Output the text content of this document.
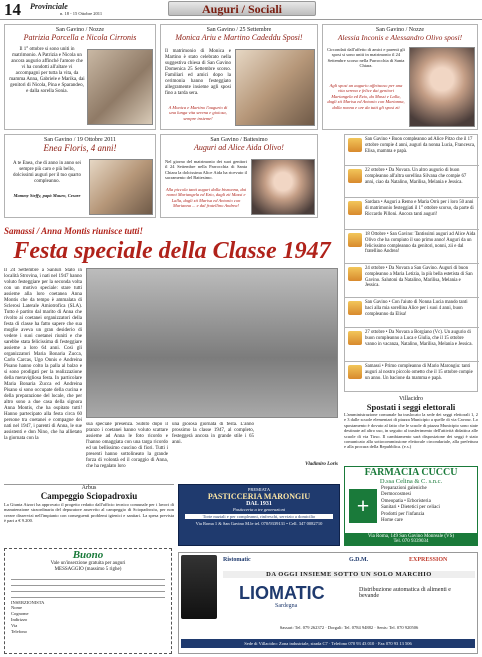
14 Provinciale
n. 18 - 15 Ottobre 2011	Auguri / Sociali
San Gavino / Nozze
Patrizia Porcella e Nicola Cirronis
Il 1° ottobre si sono uniti in matrimonio. A Patrizia e Nicola un ancora augurio affinché l'amore che vi ha condotti all'altare vi accompagni per tutta la vita, da mamma Anna, Gabriele e Marika, dai genitori di Nicola, Pina e Sparandeo, e dalla sorella Sonia.
San Gavino / 25 Settembre
Monica Ariu e Martino Cadeddu Sposi!
Il matrimonio di Monica e Martino è stato celebrato nella suggestiva chiesa di San Gavino Domenica 25 Settembre scorso. Familiari ed amici dopo la cerimonia hanno festeggiato allegramente insieme agli sposi fino a tarda sera.
A Monica e Martino l'augurio di una lunga vita serena e gioiosa, sempre insieme!
San Gavino / Nozze
Alessia Inconis e Alessandro Olivo sposi!
Circondati dall'affetto di amici e parenti gli sposi si sono uniti in matrimonio il 24 Settembre scorso nella Parrocchia di Santa Chiara.
Agli sposi un augurio affettuoso per una vita serena e felice dai genitori Mariangela ed Ezio, da Massi e Lalla, dagli zii Marisa ed Antonio con Marianna, dalla nonna e ore da tutti gli sposi zii
San Gavino / 19 Ottobre 2011
Enea Floris, 4 anni!
A te Enea, che di anno in anno sei sempre più caro e più bello, dolcissimi auguri per il tuo quarto compleanno.
Mammy Steffy, papà Mauro, Cesare
San Gavino / Battesimo
Auguri ad Alice Aida Olivo!
Nel giorno del matrimonio dei suoi genitori il 24 Settembre nella Parrocchia di Santa Chiara la dolcissima Alice Aida ha ricevuto il sacramento del Battesimo.
Alla piccola tanti auguri dalla bisnonna, dai nonni Mariangela ed Ezio, dagli zii Massi e Lalla, dagli zii Marisa ed Antonio con Marianna ... e dal fratellino Andrea!
San Gavino • Buon compleanno ad Alice Pitzo che il 17 ottobre compie 4 anni, auguri da nonna Lucia, Francesca, Elisa, mamma e papà.
22 ottobre • Da Novara. Un altro augurio di buon compleanno all'altra sorellina Silvana che compie 67 anni, ciao da Natalino, Marilisa, Melania e Jessica.
Sardara • Auguri a Remo e Maria Orrù per i loro 50 anni di matrimonio festeggiati il 1° ottobre scorso, da parte di Riccardo Pilloni. Ancora tanti auguri!
18 Ottobre • San Gavino: Tantissimi auguri ad Alice Aida Olivo che ha compiuto il suo primo anno! Auguri da un felicissimo compleanno da genitori, nonni, zii e dal fratellino Andrea!
24 ottobre • Da Novara a San Gavino. Auguri di buon compleanno a Maria Letizia, la più bella estetista di San Gavino. Salutoni da Natalino, Marilisa, Melania e Jessica.
San Gavino • Con l'aiuto di Nonna Lucia mando tanti baci alla mia sorellina Alice per i suoi 4 anni, buon compleanno da Elisa!
27 ottobre • Da Novara a Borgiano (Vc). Un augurio di buon compleanno a Luca e Giulia, che il 15 ottobre vanno in vacanza, Natalino, Marilisa, Melania e Jessica.
Samassi • Primo compleanno di Mario Marongiu: tanti auguri al nostro piccolo ometto che il 15 ottobre compie un anno. Un bacione da mamma e papà.
Samassi / Anna Montis riunisce tutti!
Festa speciale della Classe 1947
Il 24 Settembre a Sanluri Stato in località Strovina, i nati nel 1947 hanno voluto festeggiare per la seconda volta con un motivo speciale: stare tutti assieme alla loro coetanea Anna Montis che da tempo è ammalata di Sclerosi Laterale Amiotrofica (SLA). Tutto è partito dal marito di Anna che rivolto ai coetanei organizzatori della festa di classe ha fatto sapere che sua moglie aveva un gran desiderio di vedere i suoi coetanei riuniti e che sarebbe stata felicissima di festeggiare assieme a loro 64 anni. Così gli organizzatori Maria Bonaria Zucca, Carlo Carcas, Ugo Onnis e Andreina Pisano hanno colto la palla al balzo e si sono prodigati per la realizzazione della meravigliosa festa. In particolare Maria Bonaria Zucca ed Andreina Pisano si sono occupate della cucina e della preparazione del locale, che per altro sono a due casa della signora Anna Montis, che ha ospitato tutti! Hanno partecipato alla festa circa 60 persone tra coetanei e compagne dei nati nel 1947, i parenti di Anna, le sue assistenti e don Nino, che ha allietato la giornata con la
sua speciale presenza. Subito dopo il pranzo i coetanei hanno voluto scattare assieme ad Anna le foto ricordo e l'hanno omaggiata con una targa ricordo ed un bellissimo cuscino di fiori. Tutti i presenti hanno sottolineato la grande forza di volontà ed il coraggio di Anna, che ha regalato loro
una gioiosa giornata di festa. L'anno prossimo la classe 1947, al completo, festeggerà ancora in grande stile i 65 anni.
Vladimiro Loris
Arbus
Campeggio Sciopadroxiu
La Giunta Atzori ha approvato il progetto redatto dall'ufficio tecnico comunale per i lavori di manutenzione straordinaria del depuratore asservito al campeggio di Sciopadroxiu, per non creare disservizi nell'impianto con conseguenti problemi igienici e sanitari. La spesa prevista è pari a € 9.200.
Villacidro
Spostati i seggi elettorali
L'amministrazione comunale ha traslocato la sede dei seggi elettorali 1, 2 e 3 dalle scuole elementari di piazza Municipio a quelle di via Cavour. Lo spostamento è dovuto al fatto che le scuole di piazza Municipio sono state destinate ad altro uso, in seguito al trasferimento dell'attività didattica alle scuole di via Tirso. Il cambiamento sarà disposizione dei seggi è stato comunicato alla sottocommissione elettorale circondariale, alla prefettura e alla procura della Repubblica. (e.s.)
PREMIATA
PASTICCERIA MARONGIU
DAL 1931
Pasticceria a tre generazioni
Torte nuziali e per compleanni, rinfreschi, servizio a domicilio
Via Roma 1 & San Gavino M.le tel. 070/9339131 • Cell. 347 0082710
FARMACIA CUCCU
D.ssa Celina & C. s.n.c.
Preparazioni galeniche
Dermocosmesi
Omeopatia • Erboristeria
Sanitari • Dietetici per celiaci
Prodotti per l'infanzia
Home care
+
Via Roma, 149 San Gavino Monreale (VS)
Tel. 070 9339034
Buono
Vale un'inserzione gratuita per auguri
MESSAGGIO (massimo 5 righe)
INSERZIONISTA
Nome
Cognome
Indirizzo
Via
Telefono
Ristomatic	G.D.M.	EXPRESSION
DA OGGI INSIEME SOTTO UN SOLO MARCHIO
LIOMATIC
Sardegna
Distribuzione automatica di alimenti e bevande
Sassari: Tel. 079 262372 · Dorgali: Tel. 0784 94882 · Senis: Tel. 070 920506
Sede di Villacidro: Zona industriale, strada C7 · Telefono 070 93 43 010 · Fax 070 93 13 506
